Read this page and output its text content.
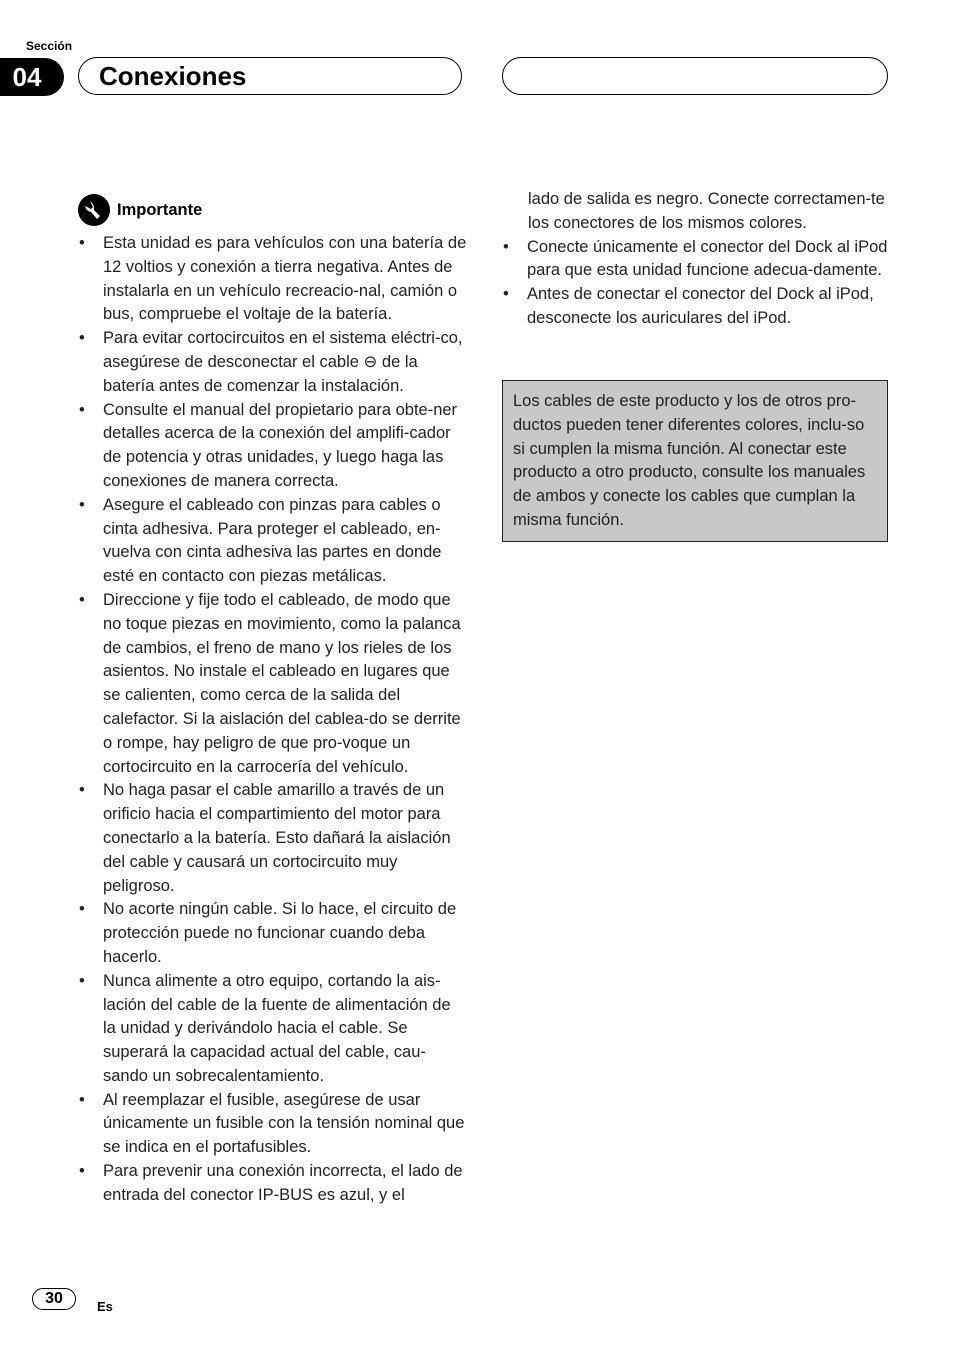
Sección
04	Conexiones
Importante
• Esta unidad es para vehículos con una batería de 12 voltios y conexión a tierra negativa. Antes de instalarla en un vehículo recreacio-nal, camión o bus, compruebe el voltaje de la batería.
• Para evitar cortocircuitos en el sistema eléctri-co, asegúrese de desconectar el cable ⊖ de la batería antes de comenzar la instalación.
• Consulte el manual del propietario para obte-ner detalles acerca de la conexión del amplifi-cador de potencia y otras unidades, y luego haga las conexiones de manera correcta.
• Asegure el cableado con pinzas para cables o cinta adhesiva. Para proteger el cableado, en-vuelva con cinta adhesiva las partes en donde esté en contacto con piezas metálicas.
• Direccione y fije todo el cableado, de modo que no toque piezas en movimiento, como la palanca de cambios, el freno de mano y los rieles de los asientos. No instale el cableado en lugares que se calienten, como cerca de la salida del calefactor. Si la aislación del cablea-do se derrite o rompe, hay peligro de que pro-voque un cortocircuito en la carrocería del vehículo.
• No haga pasar el cable amarillo a través de un orificio hacia el compartimiento del motor para conectarlo a la batería. Esto dañará la aislación del cable y causará un cortocircuito muy peligroso.
• No acorte ningún cable. Si lo hace, el circuito de protección puede no funcionar cuando deba hacerlo.
• Nunca alimente a otro equipo, cortando la ais-lación del cable de la fuente de alimentación de la unidad y derivándolo hacia el cable. Se superará la capacidad actual del cable, cau-sando un sobrecalentamiento.
• Al reemplazar el fusible, asegúrese de usar únicamente un fusible con la tensión nominal que se indica en el portafusibles.
• Para prevenir una conexión incorrecta, el lado de entrada del conector IP-BUS es azul, y el
lado de salida es negro. Conecte correctamen-te los conectores de los mismos colores.
• Conecte únicamente el conector del Dock al iPod para que esta unidad funcione adecua-damente.
• Antes de conectar el conector del Dock al iPod, desconecte los auriculares del iPod.
Los cables de este producto y los de otros pro-ductos pueden tener diferentes colores, inclu-so si cumplen la misma función. Al conectar este producto a otro producto, consulte los manuales de ambos y conecte los cables que cumplan la misma función.
30	Es
